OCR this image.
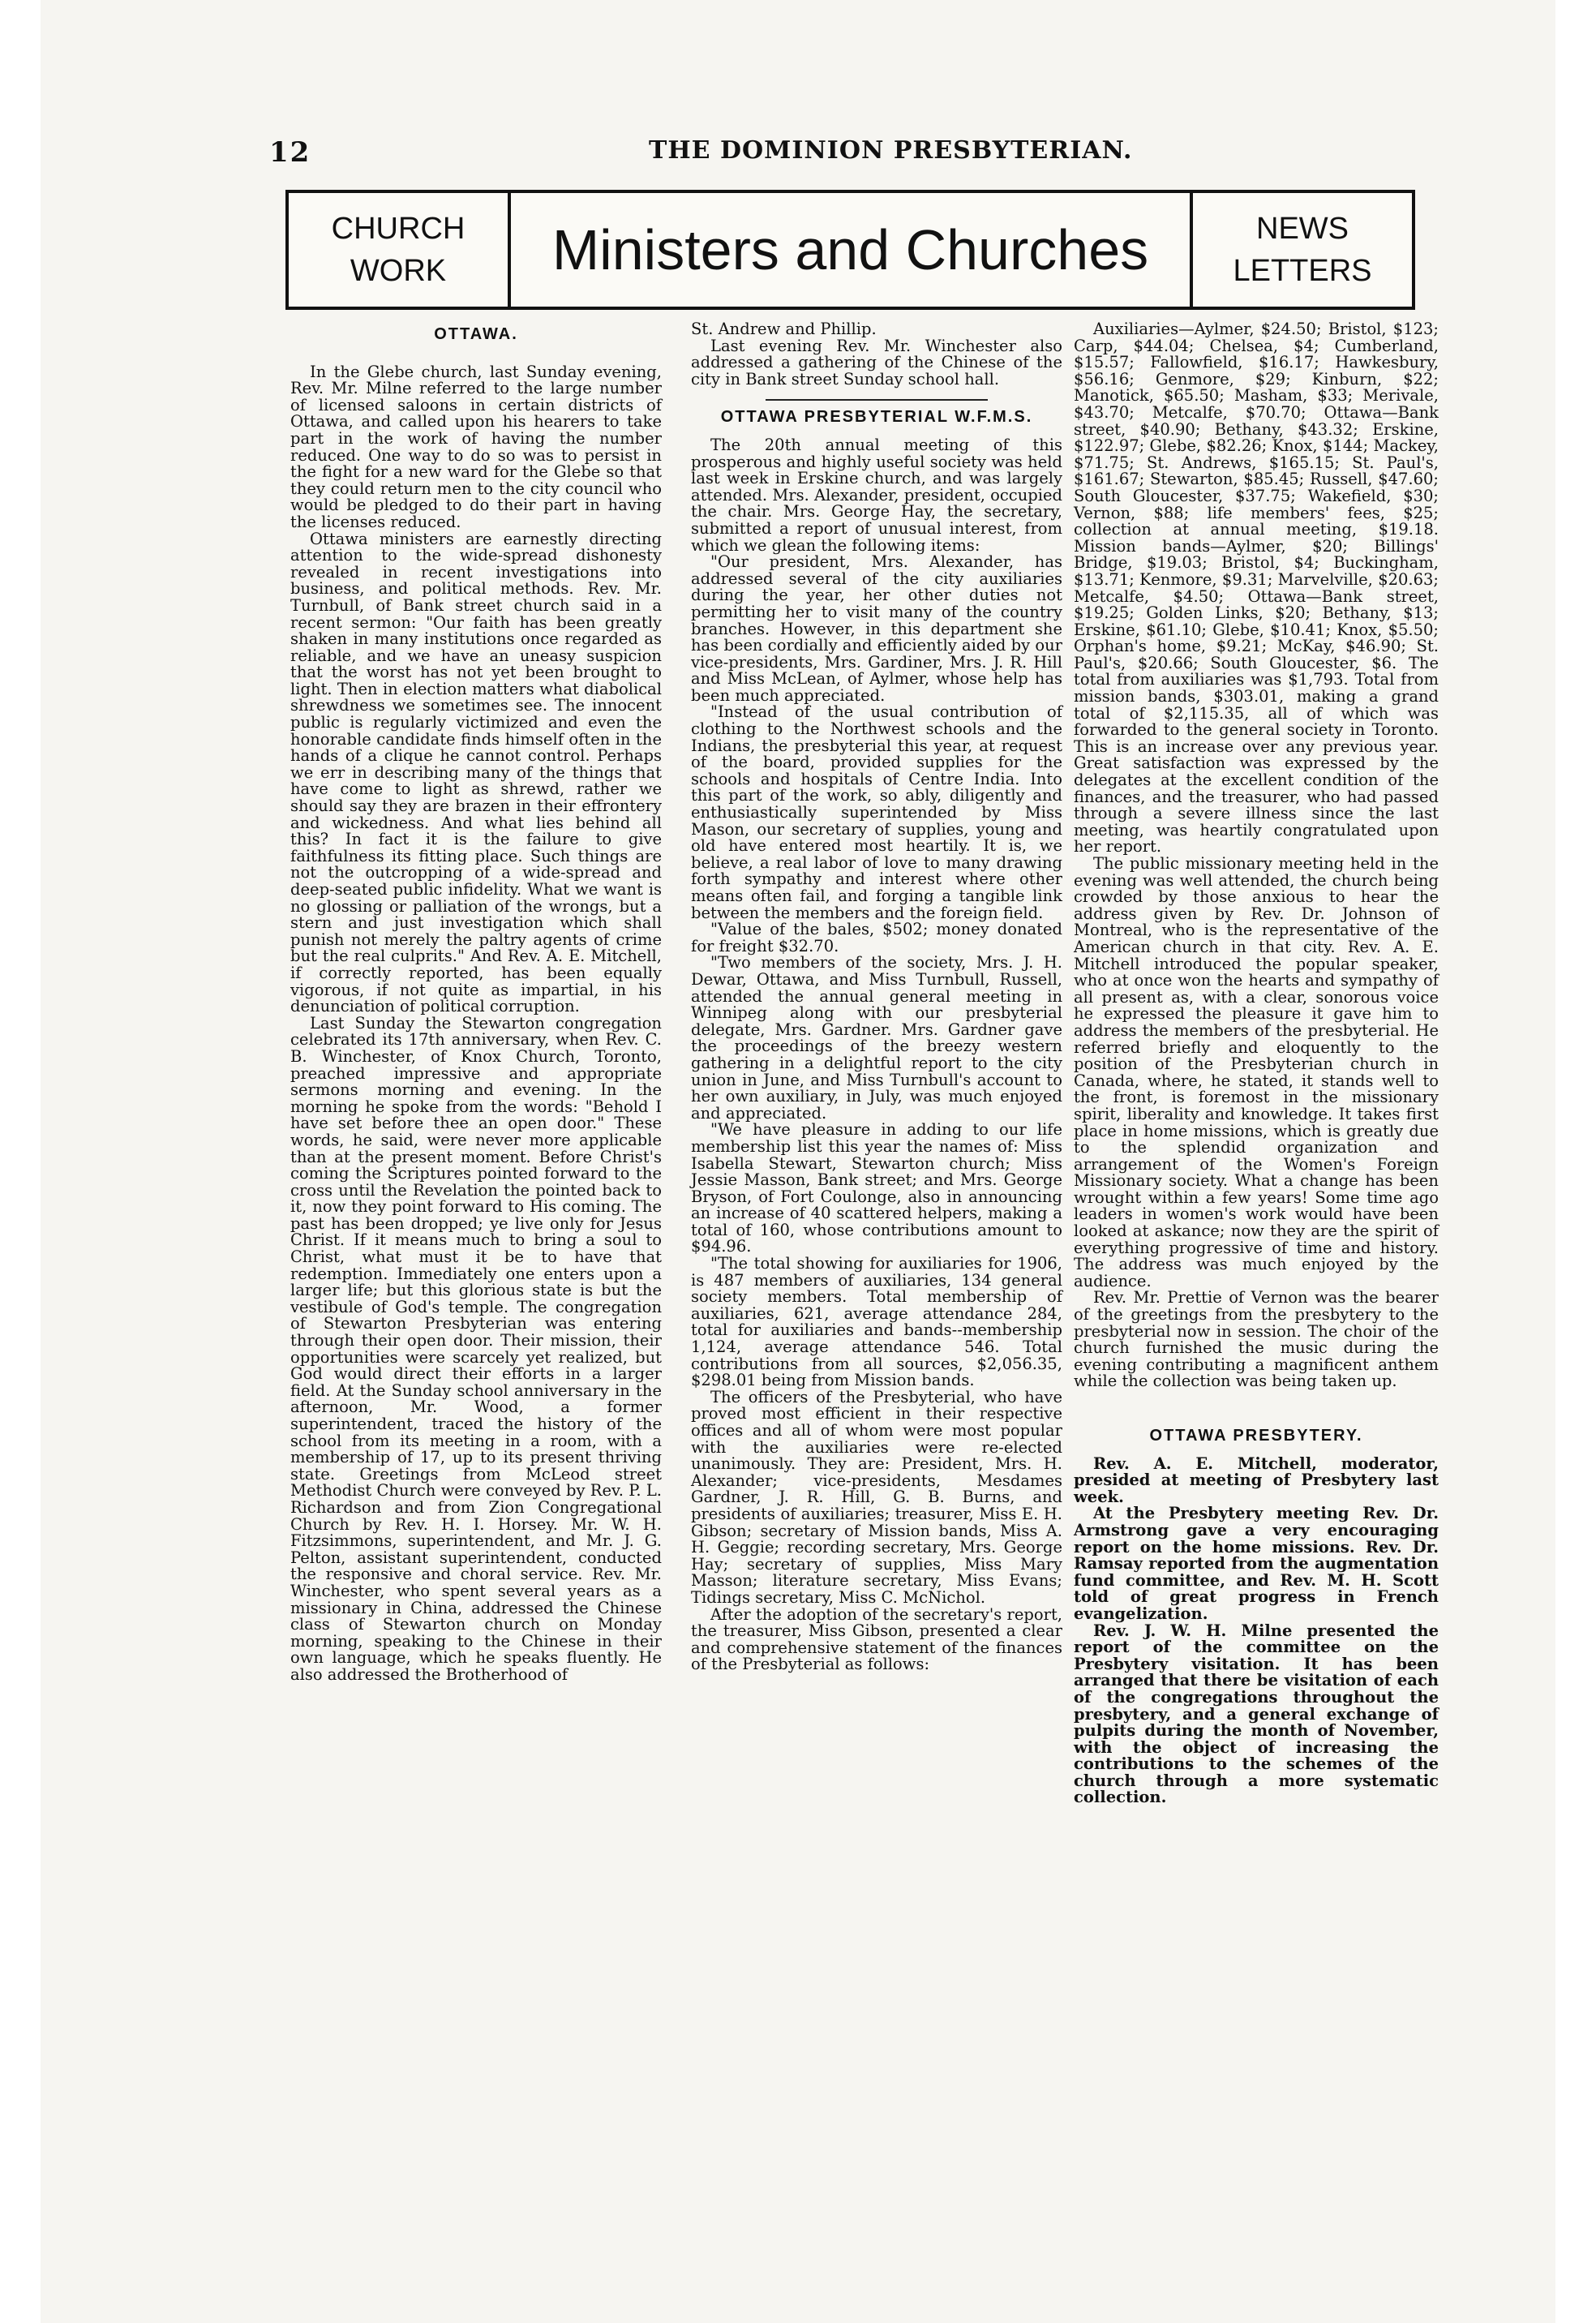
12	THE DOMINION PRESBYTERIAN.
CHURCH
WORK	Ministers and Churches	NEWS
LETTERS
OTTAWA.

In the Glebe church, last Sunday evening, Rev. Mr. Milne referred to the large number of licensed saloons in certain districts of Ottawa, and called upon his hearers to take part in the work of having the number reduced. One way to do so was to persist in the fight for a new ward for the Glebe so that they could return men to the city council who would be pledged to do their part in having the licenses reduced.

Ottawa ministers are earnestly directing attention to the wide-spread dishonesty revealed in recent investigations into business, and political methods. Rev. Mr. Turnbull, of Bank street church said in a recent sermon: "Our faith has been greatly shaken in many institutions once regarded as reliable, and we have an uneasy suspicion that the worst has not yet been brought to light. Then in election matters what diabolical shrewdness we sometimes see. The innocent public is regularly victimized and even the honorable candidate finds himself often in the hands of a clique he cannot control. Perhaps we err in describing many of the things that have come to light as shrewd, rather we should say they are brazen in their effrontery and wickedness. And what lies behind all this? In fact it is the failure to give faithfulness its fitting place. Such things are not the outcropping of a wide-spread and deep-seated public infidelity. What we want is no glossing or palliation of the wrongs, but a stern and just investigation which shall punish not merely the paltry agents of crime but the real culprits." And Rev. A. E. Mitchell, if correctly reported, has been equally vigorous, if not quite as impartial, in his denunciation of political corruption.

Last Sunday the Stewarton congregation celebrated its 17th anniversary, when Rev. C. B. Winchester, of Knox Church, Toronto, preached impressive and appropriate sermons morning and evening. In the morning he spoke from the words: "Behold I have set before thee an open door." These words, he said, were never more applicable than at the present moment. Before Christ's coming the Scriptures pointed forward to the cross until the Revelation the pointed back to it, now they point forward to His coming. The past has been dropped; ye live only for Jesus Christ. If it means much to bring a soul to Christ, what must it be to have that redemption. Immediately one enters upon a larger life; but this glorious state is but the vestibule of God's temple. The congregation of Stewarton Presbyterian was entering through their open door. Their mission, their opportunities were scarcely yet realized, but God would direct their efforts in a larger field. At the Sunday school anniversary in the afternoon, Mr. Wood, a former superintendent, traced the history of the school from its meeting in a room, with a membership of 17, up to its present thriving state. Greetings from McLeod street Methodist Church were conveyed by Rev. P. L. Richardson and from Zion Congregational Church by Rev. H. I. Horsey. Mr. W. H. Fitzsimmons, superintendent, and Mr. J. G. Pelton, assistant superintendent, conducted the responsive and choral service. Rev. Mr. Winchester, who spent several years as a missionary in China, addressed the Chinese class of Stewarton church on Monday morning, speaking to the Chinese in their own language, which he speaks fluently. He also addressed the Brotherhood of

St. Andrew and Phillip.

Last evening Rev. Mr. Winchester also addressed a gathering of the Chinese of the city in Bank street Sunday school hall.

OTTAWA PRESBYTERIAL W.F.M.S.

The 20th annual meeting of this prosperous and highly useful society was held last week in Erskine church, and was largely attended. Mrs. Alexander, president, occupied the chair. Mrs. George Hay, the secretary, submitted a report of unusual interest, from which we glean the following items:

"Our president, Mrs. Alexander, has addressed several of the city auxiliaries during the year, her other duties not permitting her to visit many of the country branches. However, in this department she has been cordially and efficiently aided by our vice-presidents, Mrs. Gardiner, Mrs. J. R. Hill and Miss McLean, of Aylmer, whose help has been much appreciated.

"Instead of the usual contribution of clothing to the Northwest schools and the Indians, the presbyterial this year, at request of the board, provided supplies for the schools and hospitals of Centre India. Into this part of the work, so ably, diligently and enthusiastically superintended by Miss Mason, our secretary of supplies, young and old have entered most heartily. It is, we believe, a real labor of love to many drawing forth sympathy and interest where other means often fail, and forging a tangible link between the members and the foreign field.

"Value of the bales, $502; money donated for freight $32.70.

"Two members of the society, Mrs. J. H. Dewar, Ottawa, and Miss Turnbull, Russell, attended the annual general meeting in Winnipeg along with our presbyterial delegate, Mrs. Gardner. Mrs. Gardner gave the proceedings of the breezy western gathering in a delightful report to the city union in June, and Miss Turnbull's account to her own auxiliary, in July, was much enjoyed and appreciated.

"We have pleasure in adding to our life membership list this year the names of: Miss Isabella Stewart, Stewarton church; Miss Jessie Masson, Bank street; and Mrs. George Bryson, of Fort Coulonge, also in announcing an increase of 40 scattered helpers, making a total of 160, whose contributions amount to $94.96.

"The total showing for auxiliaries for 1906, is 487 members of auxiliaries, 134 general society members. Total membership of auxiliaries, 621, average attendance 284, total for auxiliaries and bands--membership 1,124, average attendance 546. Total contributions from all sources, $2,056.35, $298.01 being from Mission bands.

The officers of the Presbyterial, who have proved most efficient in their respective offices and all of whom were most popular with the auxiliaries were re-elected unanimously. They are: President, Mrs. H. Alexander; vice-presidents, Mesdames Gardner, J. R. Hill, G. B. Burns, and presidents of auxiliaries; treasurer, Miss E. H. Gibson; secretary of Mission bands, Miss A. H. Geggie; recording secretary, Mrs. George Hay; secretary of supplies, Miss Mary Masson; literature secretary, Miss Evans; Tidings secretary, Miss C. McNichol.

After the adoption of the secretary's report, the treasurer, Miss Gibson, presented a clear and comprehensive statement of the finances of the Presbyterial as follows:

Auxiliaries—Aylmer, $24.50; Bristol, $123; Carp, $44.04; Chelsea, $4; Cumberland, $15.57; Fallowfield, $16.17; Hawkesbury, $56.16; Genmore, $29; Kinburn, $22; Manotick, $65.50; Masham, $33; Merivale, $43.70; Metcalfe, $70.70; Ottawa—Bank street, $40.90; Bethany, $43.32; Erskine, $122.97; Glebe, $82.26; Knox, $144; Mackey, $71.75; St. Andrews, $165.15; St. Paul's, $161.67; Stewarton, $85.45; Russell, $47.60; South Gloucester, $37.75; Wakefield, $30; Vernon, $88; life members' fees, $25; collection at annual meeting, $19.18. Mission bands—Aylmer, $20; Billings' Bridge, $19.03; Bristol, $4; Buckingham, $13.71; Kenmore, $9.31; Marvelville, $20.63; Metcalfe, $4.50; Ottawa—Bank street, $19.25; Golden Links, $20; Bethany, $13; Erskine, $61.10; Glebe, $10.41; Knox, $5.50; Orphan's home, $9.21; McKay, $46.90; St. Paul's, $20.66; South Gloucester, $6. The total from auxiliaries was $1,793. Total from mission bands, $303.01, making a grand total of $2,115.35, all of which was forwarded to the general society in Toronto. This is an increase over any previous year. Great satisfaction was expressed by the delegates at the excellent condition of the finances, and the treasurer, who had passed through a severe illness since the last meeting, was heartily congratulated upon her report.

The public missionary meeting held in the evening was well attended, the church being crowded by those anxious to hear the address given by Rev. Dr. Johnson of Montreal, who is the representative of the American church in that city. Rev. A. E. Mitchell introduced the popular speaker, who at once won the hearts and sympathy of all present as, with a clear, sonorous voice he expressed the pleasure it gave him to address the members of the presbyterial. He referred briefly and eloquently to the position of the Presbyterian church in Canada, where, he stated, it stands well to the front, is foremost in the missionary spirit, liberality and knowledge. It takes first place in home missions, which is greatly due to the splendid organization and arrangement of the Women's Foreign Missionary society. What a change has been wrought within a few years! Some time ago leaders in women's work would have been looked at askance; now they are the spirit of everything progressive of time and history. The address was much enjoyed by the audience.

Rev. Mr. Prettie of Vernon was the bearer of the greetings from the presbytery to the presbyterial now in session. The choir of the church furnished the music during the evening contributing a magnificent anthem while the collection was being taken up.

OTTAWA PRESBYTERY.

Rev. A. E. Mitchell, moderator, presided at meeting of Presbytery last week.

At the Presbytery meeting Rev. Dr. Armstrong gave a very encouraging report on the home missions. Rev. Dr. Ramsay reported from the augmentation fund committee, and Rev. M. H. Scott told of great progress in French evangelization.

Rev. J. W. H. Milne presented the report of the committee on the Presbytery visitation. It has been arranged that there be visitation of each of the congregations throughout the presbytery, and a general exchange of pulpits during the month of November, with the object of increasing the contributions to the schemes of the church through a more systematic collection.
